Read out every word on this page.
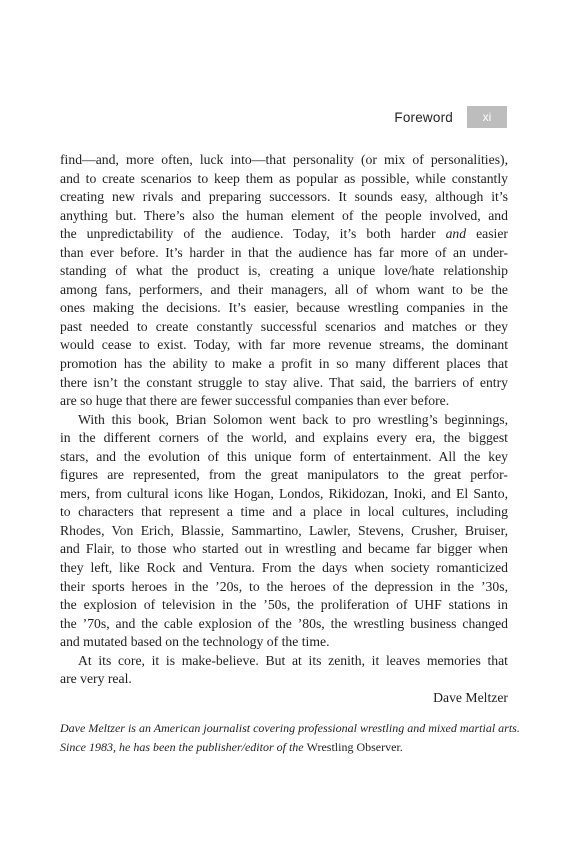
Foreword	xi
find—and, more often, luck into—that personality (or mix of personalities),
and to create scenarios to keep them as popular as possible, while constantly
creating new rivals and preparing successors. It sounds easy, although it’s
anything but. There’s also the human element of the people involved, and
the unpredictability of the audience. Today, it’s both harder and easier
than ever before. It’s harder in that the audience has far more of an under-
standing of what the product is, creating a unique love/hate relationship
among fans, performers, and their managers, all of whom want to be the
ones making the decisions. It’s easier, because wrestling companies in the
past needed to create constantly successful scenarios and matches or they
would cease to exist. Today, with far more revenue streams, the dominant
promotion has the ability to make a profit in so many different places that
there isn’t the constant struggle to stay alive. That said, the barriers of entry
are so huge that there are fewer successful companies than ever before.
With this book, Brian Solomon went back to pro wrestling’s beginnings,
in the different corners of the world, and explains every era, the biggest
stars, and the evolution of this unique form of entertainment. All the key
figures are represented, from the great manipulators to the great perfor-
mers, from cultural icons like Hogan, Londos, Rikidozan, Inoki, and El Santo,
to characters that represent a time and a place in local cultures, including
Rhodes, Von Erich, Blassie, Sammartino, Lawler, Stevens, Crusher, Bruiser,
and Flair, to those who started out in wrestling and became far bigger when
they left, like Rock and Ventura. From the days when society romanticized
their sports heroes in the ’20s, to the heroes of the depression in the ’30s,
the explosion of television in the ’50s, the proliferation of UHF stations in
the ’70s, and the cable explosion of the ’80s, the wrestling business changed
and mutated based on the technology of the time.
At its core, it is make-believe. But at its zenith, it leaves memories that
are very real.
Dave Meltzer
Dave Meltzer is an American journalist covering professional wrestling and mixed martial arts.
Since 1983, he has been the publisher/editor of the Wrestling Observer.
